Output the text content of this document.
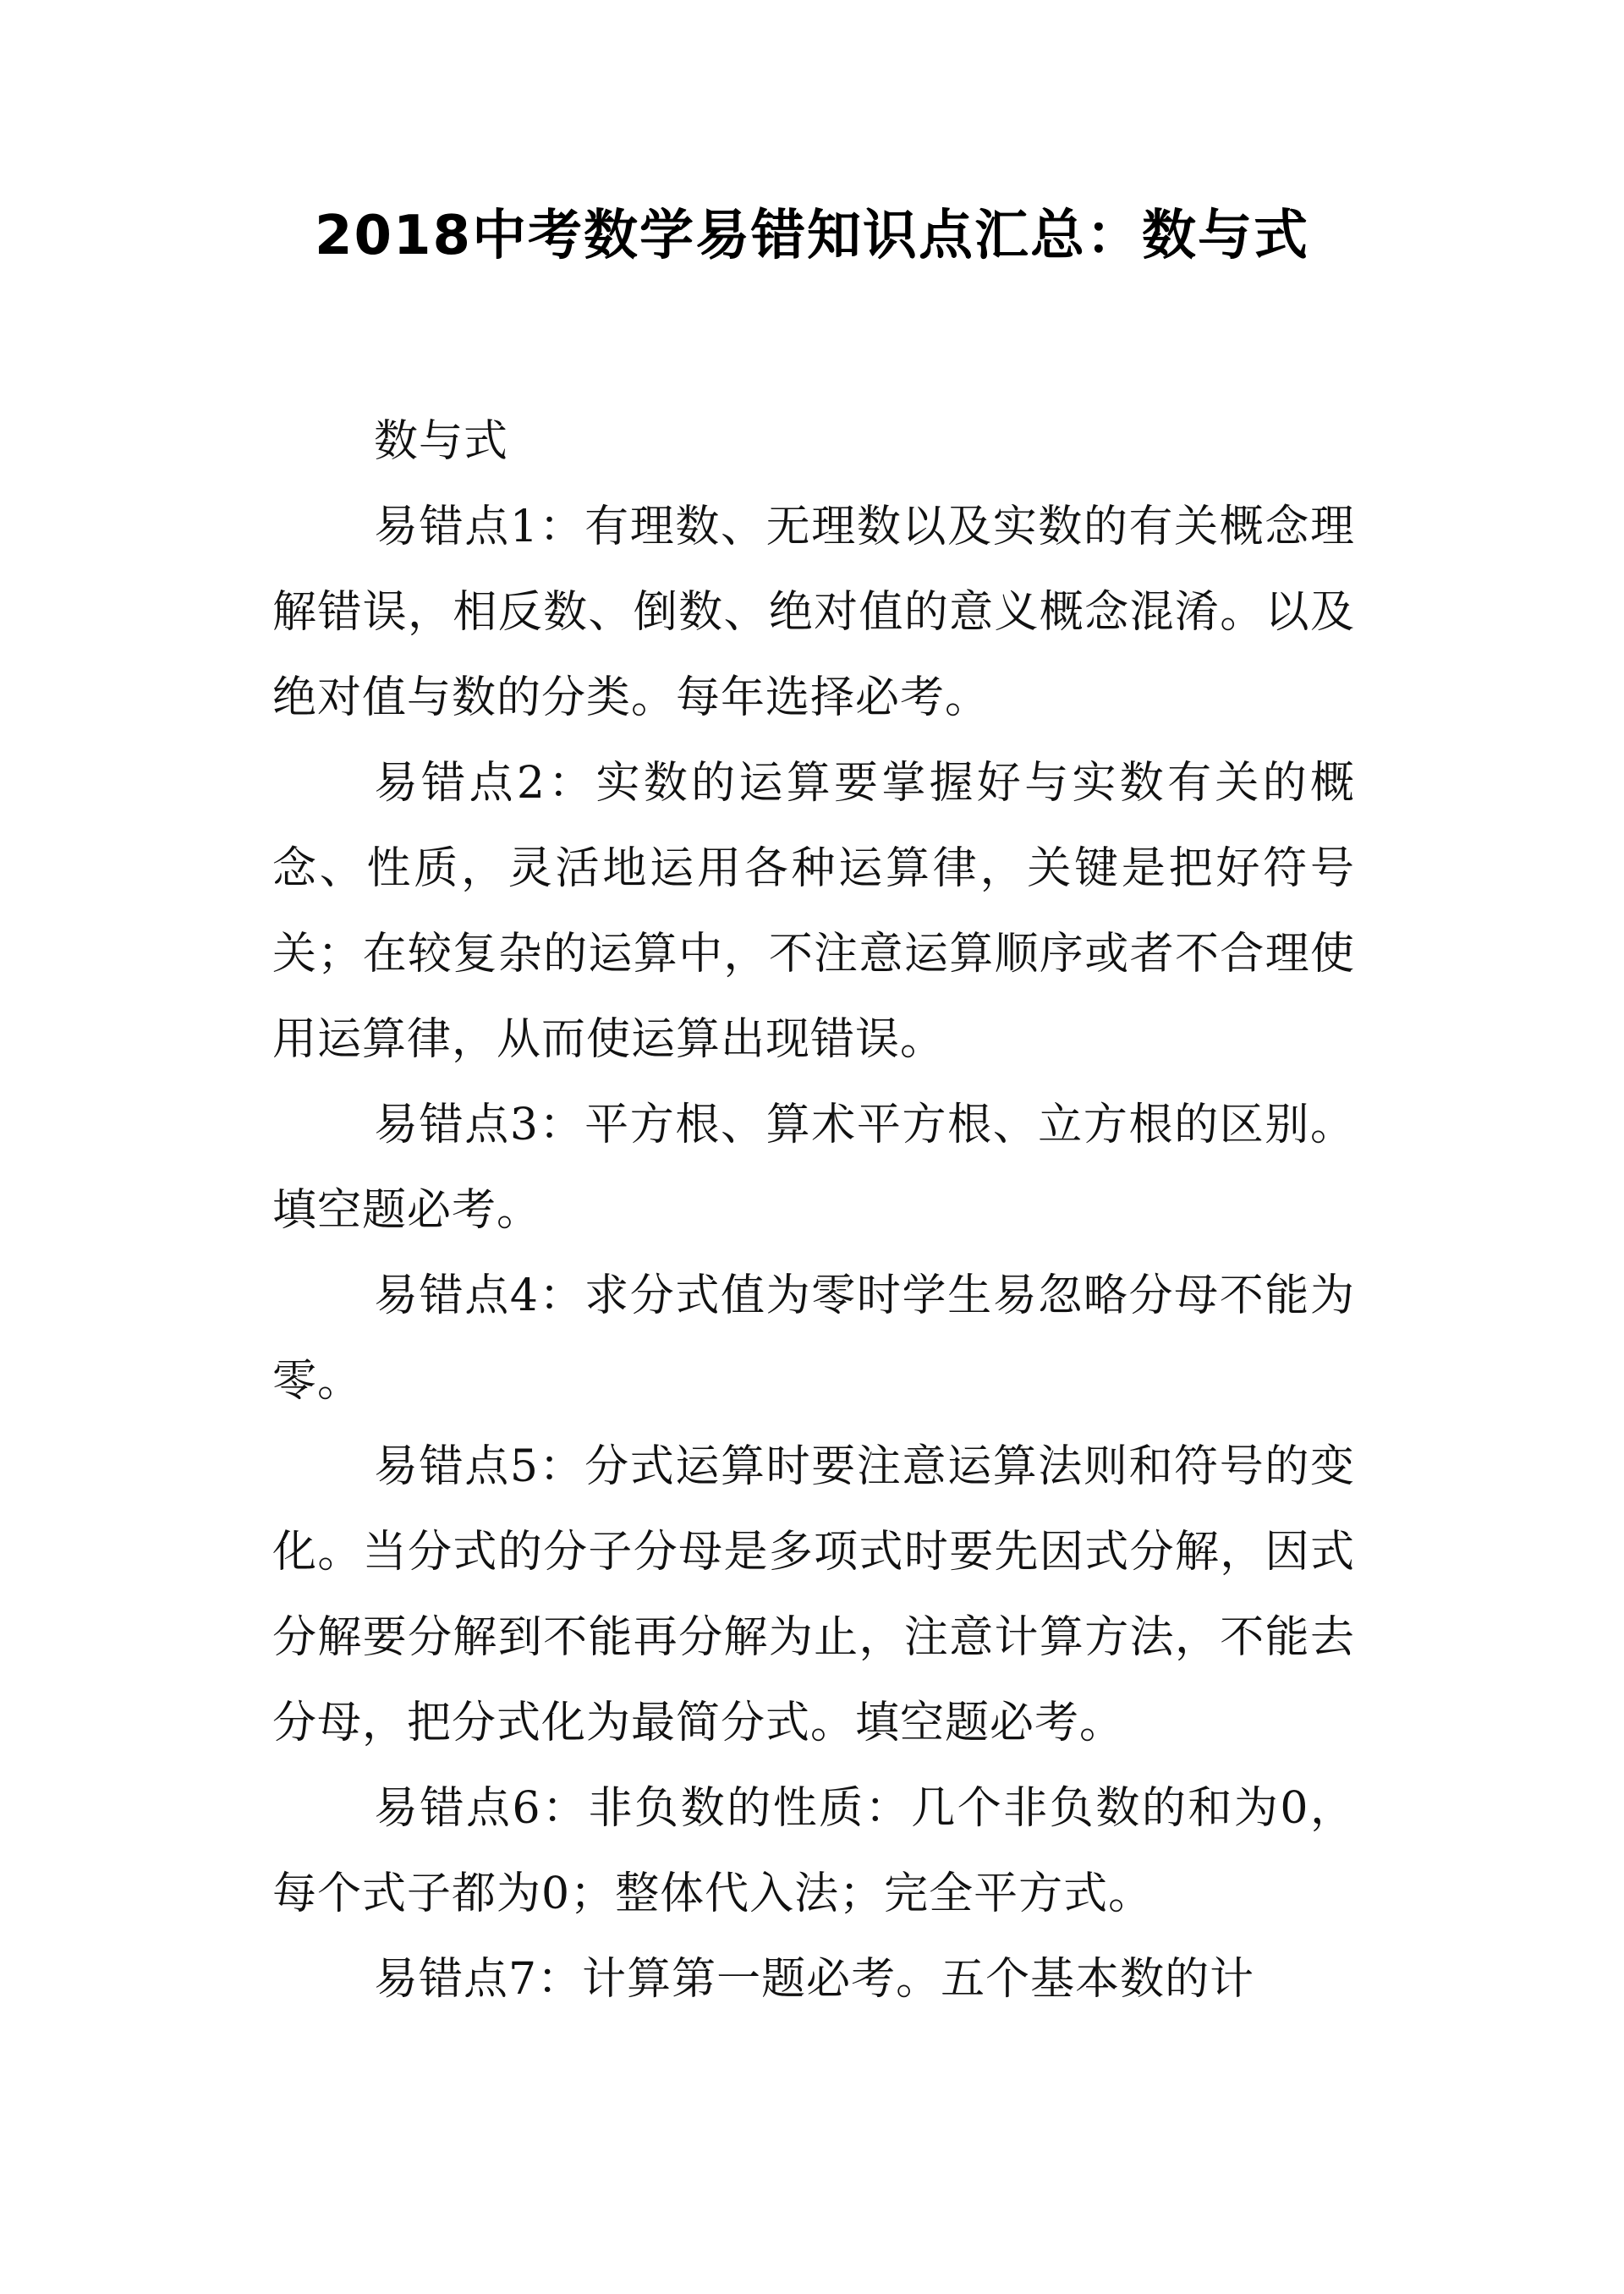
2018中考数学易错知识点汇总：数与式

数与式

易错点1：有理数、无理数以及实数的有关概念理解错误，相反数、倒数、绝对值的意义概念混淆。以及绝对值与数的分类。每年选择必考。

易错点2：实数的运算要掌握好与实数有关的概念、性质，灵活地运用各种运算律，关键是把好符号关；在较复杂的运算中，不注意运算顺序或者不合理使用运算律，从而使运算出现错误。

易错点3：平方根、算术平方根、立方根的区别。填空题必考。

易错点4：求分式值为零时学生易忽略分母不能为零。

易错点5：分式运算时要注意运算法则和符号的变化。当分式的分子分母是多项式时要先因式分解，因式分解要分解到不能再分解为止，注意计算方法，不能去分母，把分式化为最简分式。填空题必考。

易错点6：非负数的性质：几个非负数的和为0，每个式子都为0；整体代入法；完全平方式。

易错点7：计算第一题必考。五个基本数的计
